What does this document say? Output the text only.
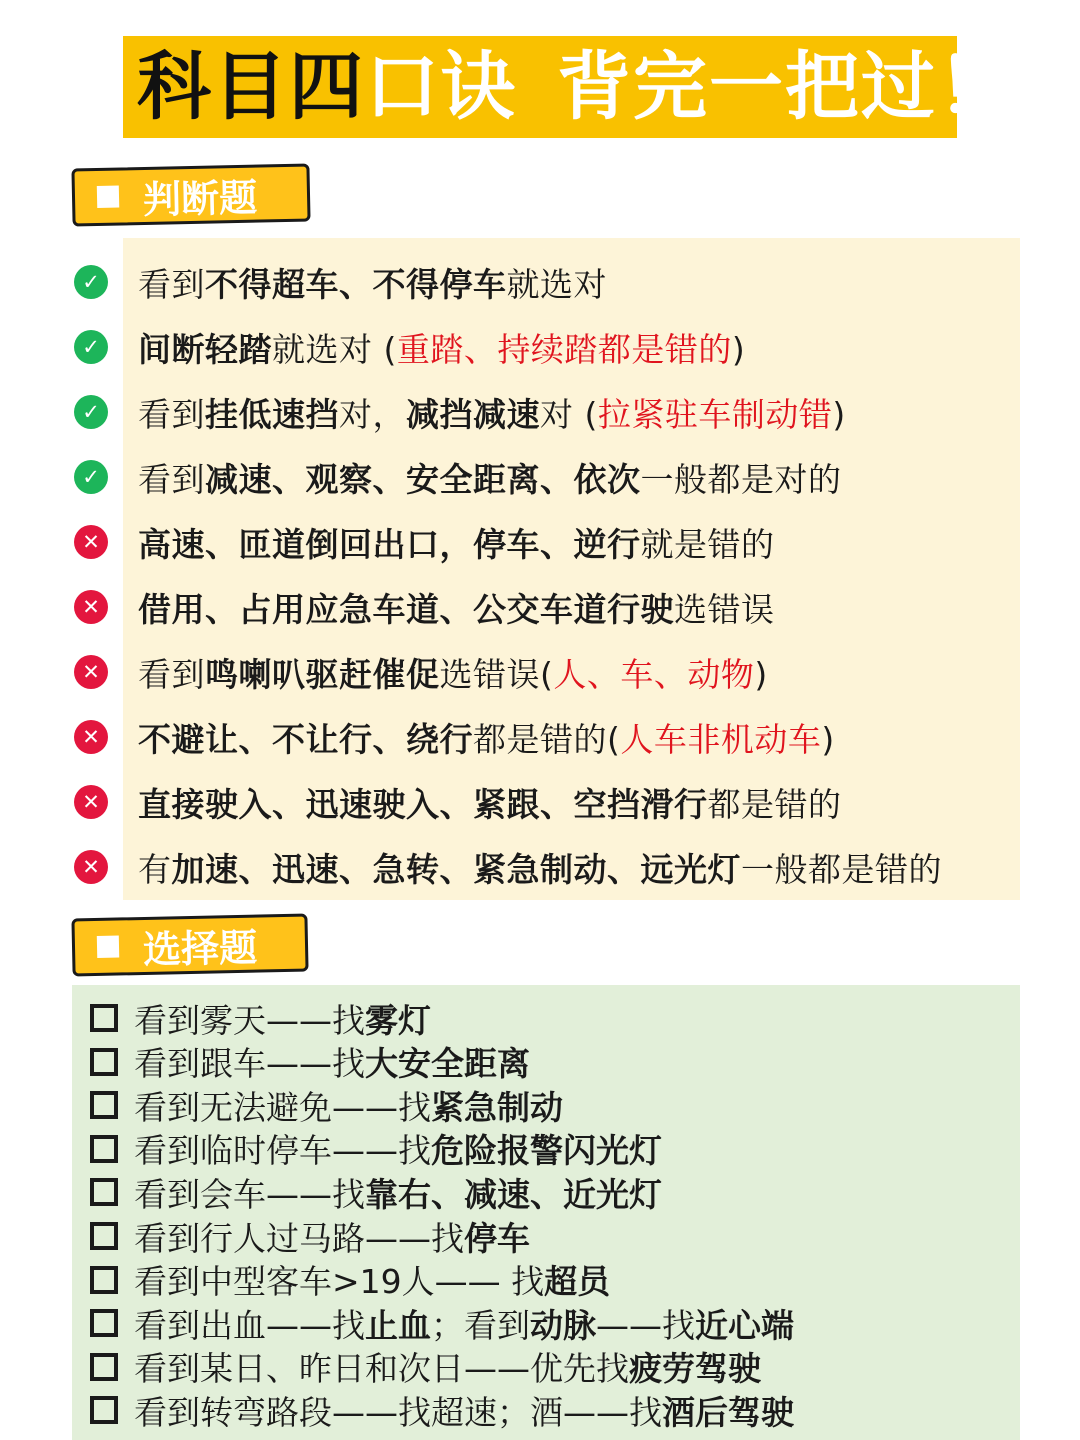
科目四口诀 背完一把过！
判断题
✓ 看到不得超车、不得停车就选对
✓ 间断轻踏就选对 (重踏、持续踏都是错的)
✓ 看到挂低速挡对，减挡减速对 (拉紧驻车制动错)
✓ 看到减速、观察、安全距离、依次一般都是对的
✕ 高速、匝道倒回出口，停车、逆行就是错的
✕ 借用、占用应急车道、公交车道行驶选错误
✕ 看到鸣喇叭驱赶催促选错误(人、车、动物)
✕ 不避让、不让行、绕行都是错的(人车非机动车)
✕ 直接驶入、迅速驶入、紧跟、空挡滑行都是错的
✕ 有加速、迅速、急转、紧急制动、远光灯一般都是错的
选择题
看到雾天——找雾灯
看到跟车——找大安全距离
看到无法避免——找紧急制动
看到临时停车——找危险报警闪光灯
看到会车——找靠右、减速、近光灯
看到行人过马路——找停车
看到中型客车>19人—— 找超员
看到出血——找止血；看到动脉——找近心端
看到某日、昨日和次日——优先找疲劳驾驶
看到转弯路段——找超速；酒——找酒后驾驶
